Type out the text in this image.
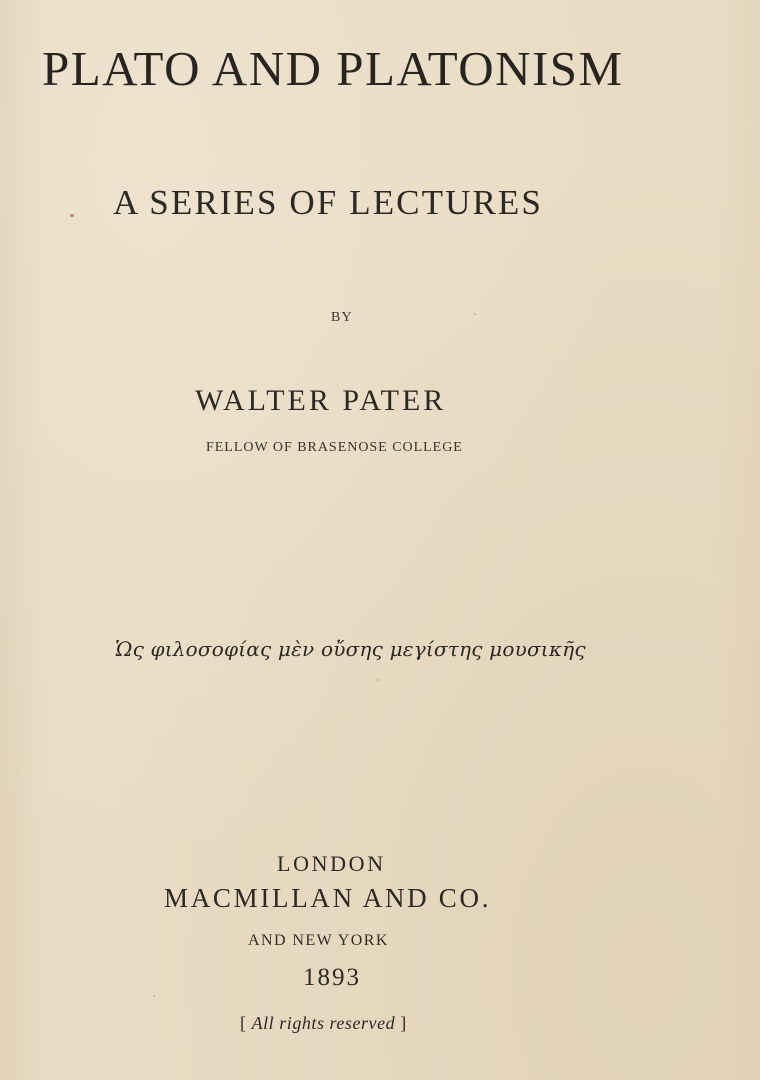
PLATO AND PLATONISM
A SERIES OF LECTURES
BY
WALTER PATER
FELLOW OF BRASENOSE COLLEGE
Ὡς φιλοσοφίας μὲν οὔσης μεγίστης μουσικῆς
LONDON
MACMILLAN AND CO.
AND NEW YORK
1893
[ All rights reserved ]
